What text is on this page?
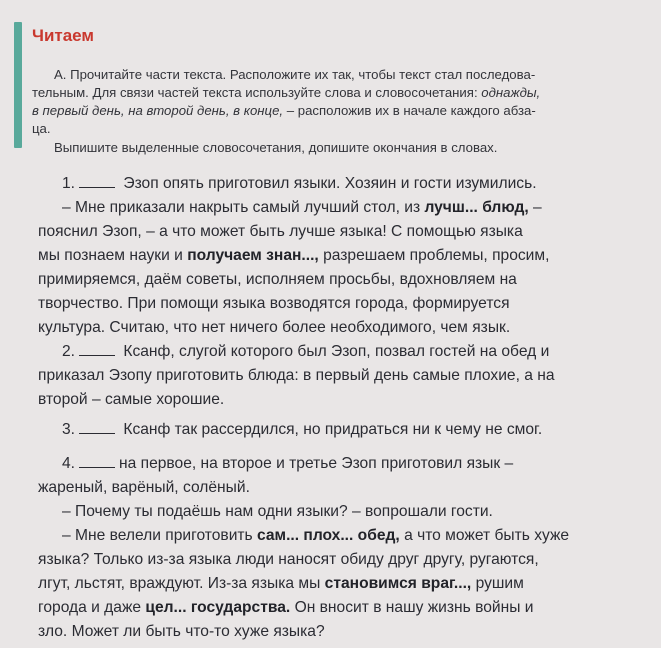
Читаем
А. Прочитайте части текста. Расположите их так, чтобы текст стал последова-
тельным. Для связи частей текста используйте слова и словосочетания: однажды,
в первый день, на второй день, в конце, – расположив их в начале каждого абза-
ца.
Выпишите выделенные словосочетания, допишите окончания в словах.
1.	Эзоп опять приготовил языки. Хозяин и гости изумились.
– Мне приказали накрыть самый лучший стол, из лучш... блюд, –
пояснил Эзоп, – а что может быть лучше языка! С помощью языка
мы познаем науки и получаем знан..., разрешаем проблемы, просим,
примиряемся, даём советы, исполняем просьбы, вдохновляем на
творчество. При помощи языка возводятся города, формируется
культура. Считаю, что нет ничего более необходимого, чем язык.
2.	Ксанф, слугой которого был Эзоп, позвал гостей на обед и
приказал Эзопу приготовить блюда: в первый день самые плохие, а на
второй – самые хорошие.
3.	Ксанф так рассердился, но придраться ни к чему не смог.
4.	на первое, на второе и третье Эзоп приготовил язык –
жареный, варёный, солёный.
– Почему ты подаёшь нам одни языки? – вопрошали гости.
– Мне велели приготовить сам... плох... обед, а что может быть хуже
языка? Только из-за языка люди наносят обиду друг другу, ругаются,
лгут, льстят, враждуют. Из-за языка мы становимся враг..., рушим
города и даже цел... государства. Он вносит в нашу жизнь войны и
зло. Может ли быть что-то хуже языка?
